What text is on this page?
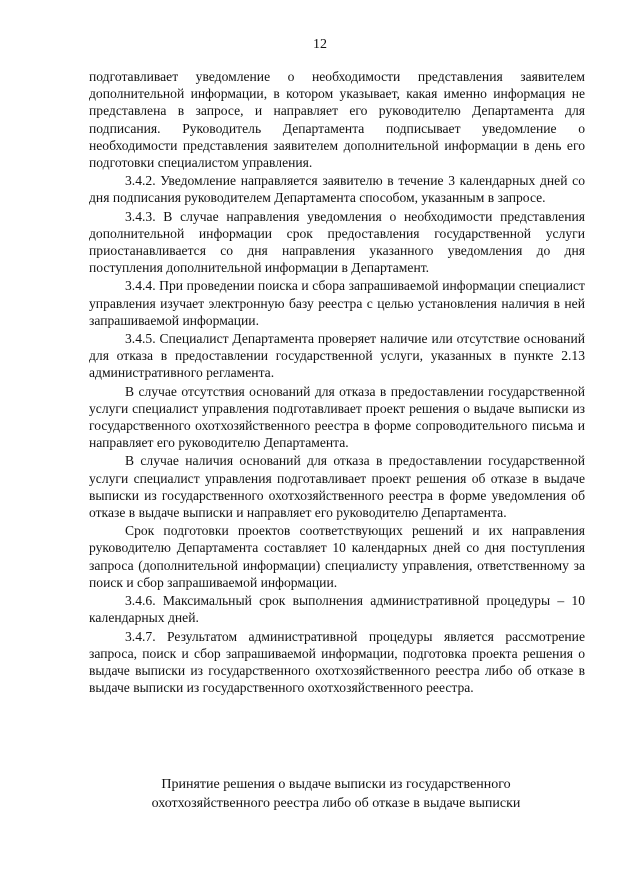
12

подготавливает уведомление о необходимости представления заявителем дополнительной информации, в котором указывает, какая именно информация не представлена в запросе, и направляет его руководителю Департамента для подписания. Руководитель Департамента подписывает уведомление о необходимости представления заявителем дополнительной информации в день его подготовки специалистом управления.

3.4.2. Уведомление направляется заявителю в течение 3 календарных дней со дня подписания руководителем Департамента способом, указанным в запросе.

3.4.3. В случае направления уведомления о необходимости представления дополнительной информации срок предоставления государственной услуги приостанавливается со дня направления указанного уведомления до дня поступления дополнительной информации в Департамент.

3.4.4. При проведении поиска и сбора запрашиваемой информации специалист управления изучает электронную базу реестра с целью установления наличия в ней запрашиваемой информации.

3.4.5. Специалист Департамента проверяет наличие или отсутствие оснований для отказа в предоставлении государственной услуги, указанных в пункте 2.13 административного регламента.

В случае отсутствия оснований для отказа в предоставлении государственной услуги специалист управления подготавливает проект решения о выдаче выписки из государственного охотхозяйственного реестра в форме сопроводительного письма и направляет его руководителю Департамента.

В случае наличия оснований для отказа в предоставлении государственной услуги специалист управления подготавливает проект решения об отказе в выдаче выписки из государственного охотхозяйственного реестра в форме уведомления об отказе в выдаче выписки и направляет его руководителю Департамента.

Срок подготовки проектов соответствующих решений и их направления руководителю Департамента составляет 10 календарных дней со дня поступления запроса (дополнительной информации) специалисту управления, ответственному за поиск и сбор запрашиваемой информации.

3.4.6. Максимальный срок выполнения административной процедуры – 10 календарных дней.

3.4.7. Результатом административной процедуры является рассмотрение запроса, поиск и сбор запрашиваемой информации, подготовка проекта решения о выдаче выписки из государственного охотхозяйственного реестра либо об отказе в выдаче выписки из государственного охотхозяйственного реестра.

Принятие решения о выдаче выписки из государственного
охотхозяйственного реестра либо об отказе в выдаче выписки
